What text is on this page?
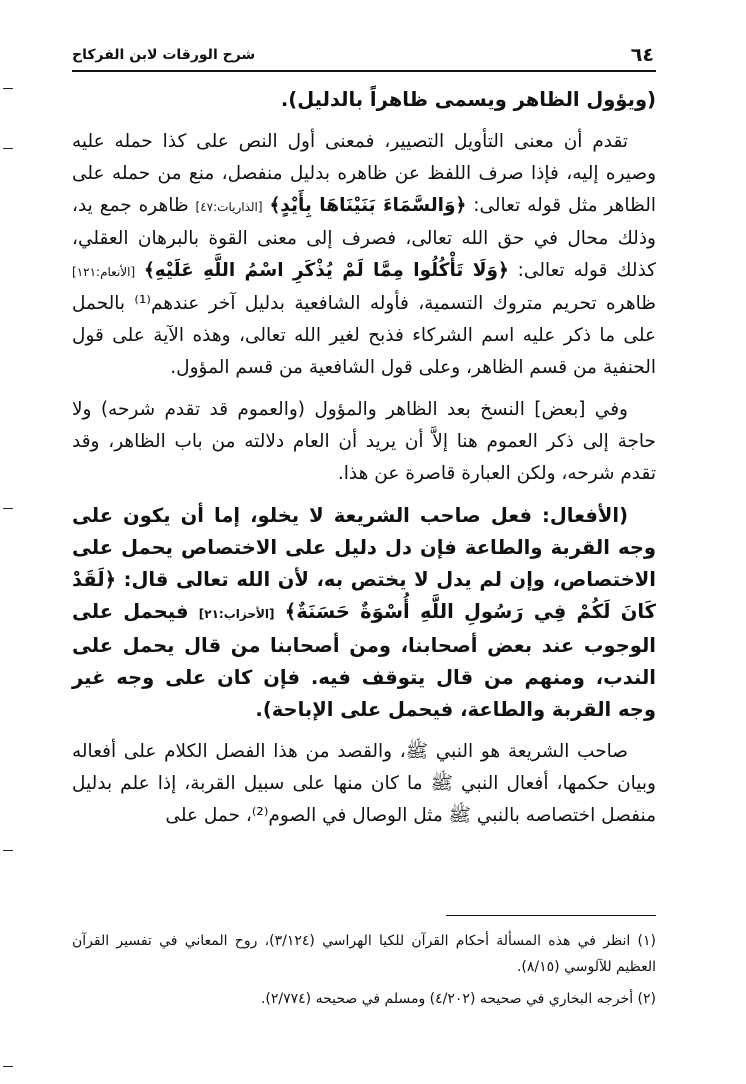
٦٤
شرح الورقات لابن الفركاح

(ويؤول الظاهر ويسمى ظاهراً بالدليل).

تقدم أن معنى التأويل التصيير، فمعنى أول النص على كذا حمله عليه وصيره إليه، فإذا صرف اللفظ عن ظاهره بدليل منفصل، منع من حمله على الظاهر مثل قوله تعالى: ﴿وَالسَّمَاءَ بَنَيْنَاهَا بِأَيْدٍ﴾ [الذاريات:٤٧] ظاهره جمع يد، وذلك محال في حق الله تعالى، فصرف إلى معنى القوة بالبرهان العقلي، كذلك قوله تعالى: ﴿وَلَا تَأْكُلُوا مِمَّا لَمْ يُذْكَرِ اسْمُ اللَّهِ عَلَيْهِ﴾ [الأنعام:١٢١] ظاهره تحريم متروك التسمية، فأوله الشافعية بدليل آخر عندهم⁽¹⁾ بالحمل على ما ذكر عليه اسم الشركاء فذبح لغير الله تعالى، وهذه الآية على قول الحنفية من قسم الظاهر، وعلى قول الشافعية من قسم المؤول.

وفي [بعض] النسخ بعد الظاهر والمؤول (والعموم قد تقدم شرحه) ولا حاجة إلى ذكر العموم هنا إلاَّ أن يريد أن العام دلالته من باب الظاهر، وقد تقدم شرحه، ولكن العبارة قاصرة عن هذا.

(الأفعال: فعل صاحب الشريعة لا يخلو، إما أن يكون على وجه القربة والطاعة فإن دل دليل على الاختصاص يحمل على الاختصاص، وإن لم يدل لا يختص به، لأن الله تعالى قال: ﴿لَقَدْ كَانَ لَكُمْ فِي رَسُولِ اللَّهِ أُسْوَةٌ حَسَنَةٌ﴾ [الأحزاب:٢١] فيحمل على الوجوب عند بعض أصحابنا، ومن أصحابنا من قال يحمل على الندب، ومنهم من قال يتوقف فيه. فإن كان على وجه غير وجه القربة والطاعة، فيحمل على الإباحة).

صاحب الشريعة هو النبي ﷺ، والقصد من هذا الفصل الكلام على أفعاله وبيان حكمها، أفعال النبي ﷺ ما كان منها على سبيل القربة، إذا علم بدليل منفصل اختصاصه بالنبي ﷺ مثل الوصال في الصوم⁽²⁾، حمل على

(١) انظر في هذه المسألة أحكام القرآن للكيا الهراسي (٣/١٢٤)، روح المعاني في تفسير القرآن العظيم للآلوسي (٨/١٥).

(٢) أخرجه البخاري في صحيحه (٤/٢٠٢) ومسلم في صحيحه (٢/٧٧٤).
